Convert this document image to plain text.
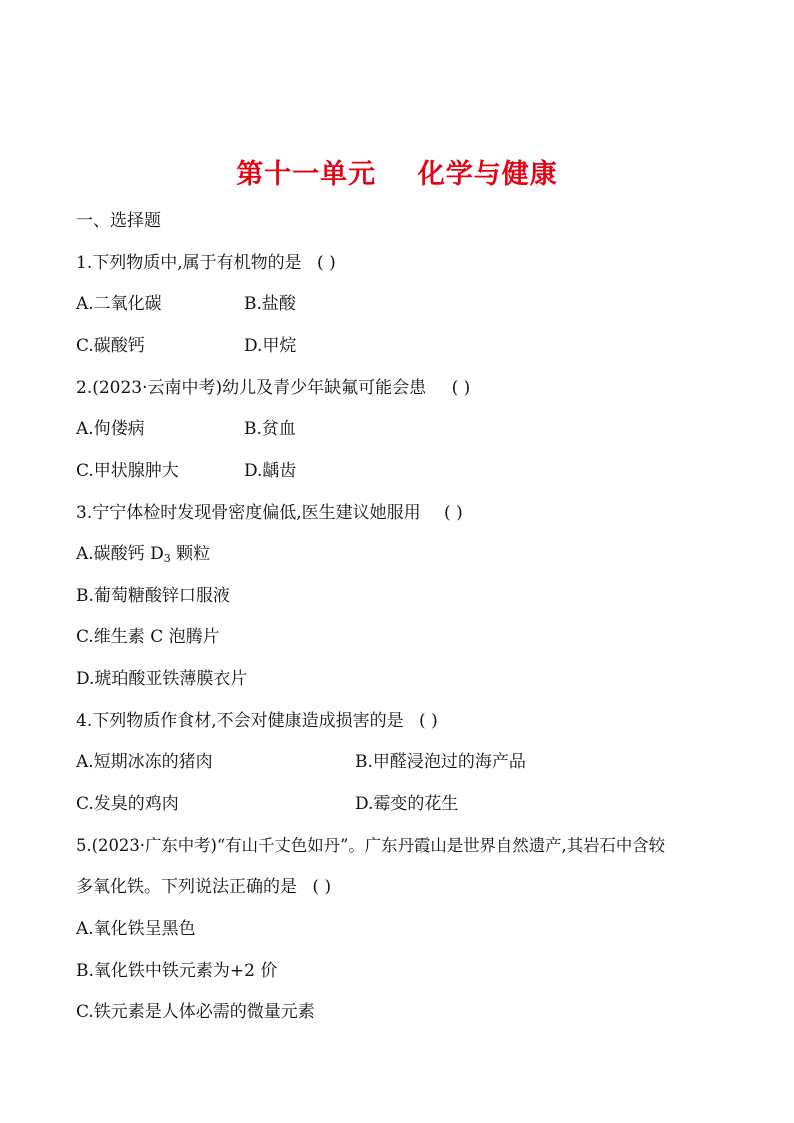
第十一单元    化学与健康
一、选择题
1.下列物质中,属于有机物的是 ( )
A.二氧化碳	B.盐酸
C.碳酸钙	D.甲烷
2.(2023·云南中考)幼儿及青少年缺氟可能会患 ( )
A.佝偻病	B.贫血
C.甲状腺肿大	D.龋齿
3.宁宁体检时发现骨密度偏低,医生建议她服用 ( )
A.碳酸钙 $D_3$ 颗粒
B.葡萄糖酸锌口服液
C.维生素 C 泡腾片
D.琥珀酸亚铁薄膜衣片
4.下列物质作食材,不会对健康造成损害的是 ( )
A.短期冰冻的猪肉	B.甲醛浸泡过的海产品
C.发臭的鸡肉	D.霉变的花生
5.(2023·广东中考)“有山千丈色如丹”。广东丹霞山是世界自然遗产,其岩石中含较
多氧化铁。下列说法正确的是 ( )
A.氧化铁呈黑色
B.氧化铁中铁元素为+2 价
C.铁元素是人体必需的微量元素
